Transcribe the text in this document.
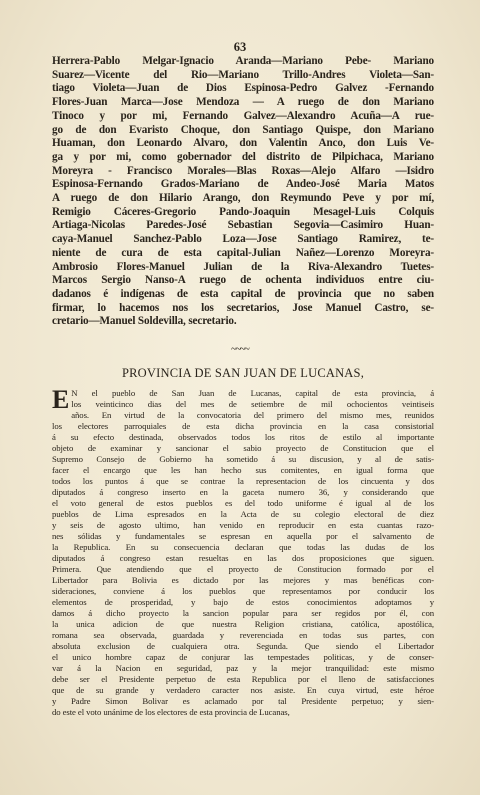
63
Herrera-Pablo Melgar-Ignacio Aranda—Mariano Pebe- Mariano
Suarez—Vicente del Rio—Mariano Trillo-Andres Violeta—San-
tiago Violeta—Juan de Dios Espinosa-Pedro Galvez -Fernando
Flores-Juan Marca—Jose Mendoza — A ruego de don Mariano
Tinoco y por mi, Fernando Galvez—Alexandro Acuña—A rue-
go de don Evaristo Choque, don Santiago Quispe, don Mariano
Huaman, don Leonardo Alvaro, don Valentin Anco, don Luis Ve-
ga y por mi, como gobernador del distrito de Pilpichaca, Mariano
Moreyra - Francisco Morales—Blas Roxas—Alejo Alfaro —Isidro
Espinosa-Fernando Grados-Mariano de Andeo-José Maria Matos
A ruego de don Hilario Arango, don Reymundo Peve y por mí,
Remigio Cáceres-Gregorio Pando-Joaquin Mesagel-Luis Colquis
Artiaga-Nicolas Paredes-José Sebastian Segovia—Casimiro Huan-
caya-Manuel Sanchez-Pablo Loza—Jose Santiago Ramirez, te-
niente de cura de esta capital-Julian Nañez—Lorenzo Moreyra-
Ambrosio Flores-Manuel Julian de la Riva-Alexandro Tuetes-
Marcos Sergio Nanso-A ruego de ochenta individuos entre ciu-
dadanos é indígenas de esta capital de provincia que no saben
firmar, lo hacemos nos los secretarios, Jose Manuel Castro, se-
cretario—Manuel Soldevilla, secretario.
~~~~
PROVINCIA DE SAN JUAN DE LUCANAS,
E N el pueblo de San Juan de Lucanas, capital de esta provincia, á
los veinticinco dias del mes de setiembre de mil ochocientos veintiseis
años. En virtud de la convocatoria del primero del mismo mes, reunidos
los electores parroquiales de esta dicha provincia en la casa consistorial
á su efecto destinada, observados todos los ritos de estilo al importante
objeto de examinar y sancionar el sabio proyecto de Constitucion que el
Supremo Consejo de Gobierno ha sometido á su discusion, y al de satis-
facer el encargo que les han hecho sus comitentes, en igual forma que
todos los puntos á que se contrae la representacion de los cincuenta y dos
diputados á congreso inserto en la gaceta numero 36, y considerando que
el voto general de estos pueblos es del todo uniforme é igual al de los
pueblos de Lima espresados en la Acta de su colegio electoral de diez
y seis de agosto ultimo, han venido en reproducir en esta cuantas razo-
nes sólidas y fundamentales se espresan en aquella por el salvamento de
la Republica. En su consecuencia declaran que todas las dudas de los
diputados á congreso estan resueltas en las dos proposiciones que siguen.
Primera. Que atendiendo que el proyecto de Constitucion formado por el
Libertador para Bolivia es dictado por las mejores y mas benéficas con-
sideraciones, conviene á los pueblos que representamos por conducir los
elementos de prosperidad, y bajo de estos conocimientos adoptamos y
damos á dicho proyecto la sancion popular para ser regidos por él, con
la unica adicion de que nuestra Religion cristiana, católica, apostólica,
romana sea observada, guardada y reverenciada en todas sus partes, con
absoluta exclusion de cualquiera otra. Segunda. Que siendo el Libertador
el unico hombre capaz de conjurar las tempestades politicas, y de conser-
var á la Nacion en seguridad, paz y la mejor tranquilidad: este mismo
debe ser el Presidente perpetuo de esta Republica por el lleno de satisfacciones
que de su grande y verdadero caracter nos asiste. En cuya virtud, este héroe
y Padre Simon Bolivar es aclamado por tal Presidente perpetuo; y sien-
do este el voto unánime de los electores de esta provincia de Lucanas,
